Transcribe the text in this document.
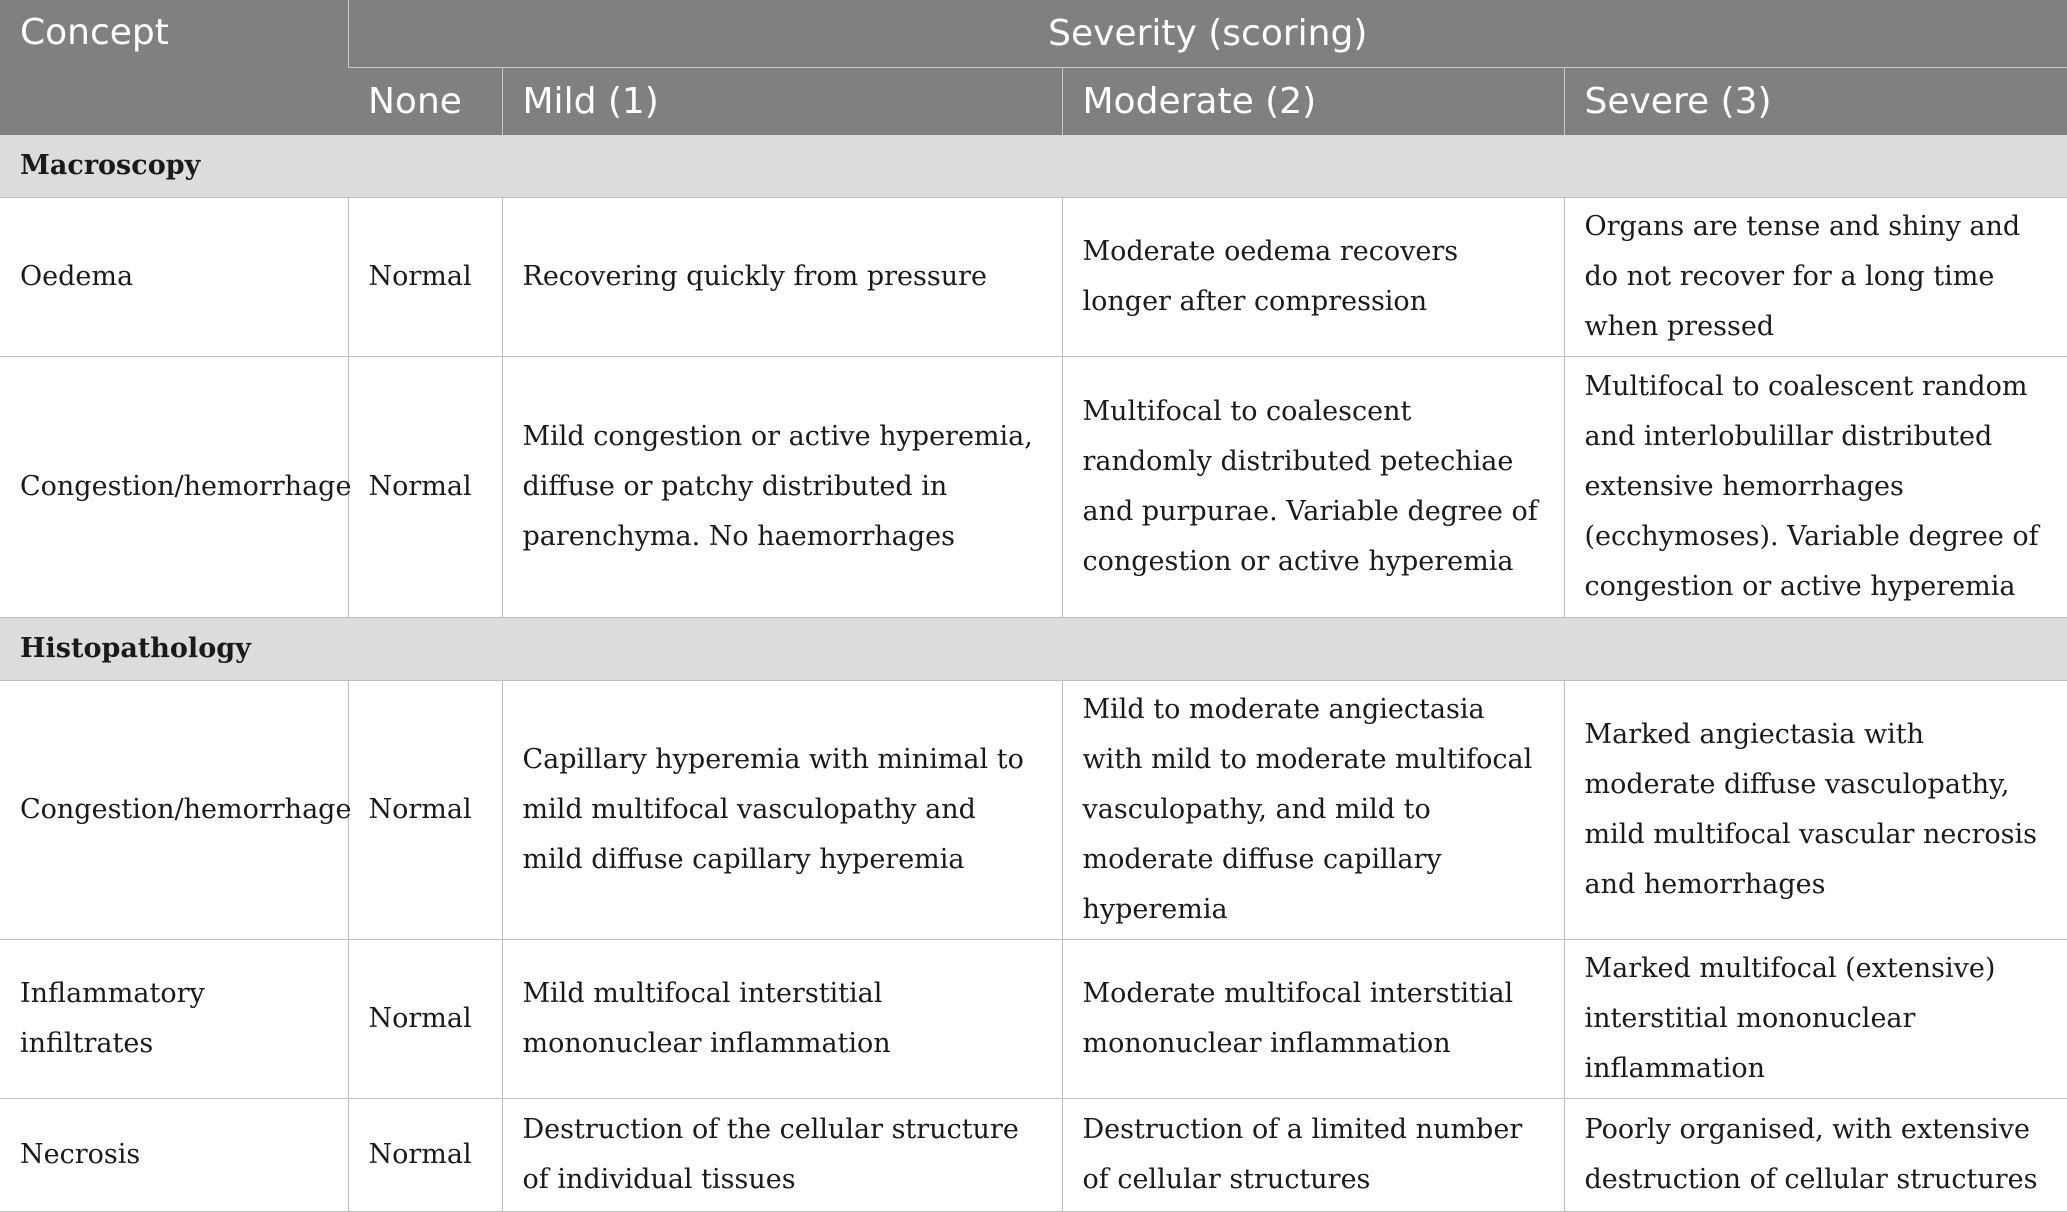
Concept	Severity (scoring)			
	None	Mild (1)	Moderate (2)	Severe (3)
Macroscopy				
Oedema	Normal	Recovering quickly from pressure	Moderate oedema recovers longer after compression	Organs are tense and shiny and do not recover for a long time when pressed
Congestion/hemorrhage	Normal	Mild congestion or active hyperemia, diffuse or patchy distributed in parenchyma. No haemorrhages	Multifocal to coalescent randomly distributed petechiae and purpurae. Variable degree of congestion or active hyperemia	Multifocal to coalescent random and interlobulillar distributed extensive hemorrhages (ecchymoses). Variable degree of congestion or active hyperemia
Histopathology				
Congestion/hemorrhage	Normal	Capillary hyperemia with minimal to mild multifocal vasculopathy and mild diffuse capillary hyperemia	Mild to moderate angiectasia with mild to moderate multifocal vasculopathy, and mild to moderate diffuse capillary hyperemia	Marked angiectasia with moderate diffuse vasculopathy, mild multifocal vascular necrosis and hemorrhages
Inflammatory infiltrates	Normal	Mild multifocal interstitial mononuclear inflammation	Moderate multifocal interstitial mononuclear inflammation	Marked multifocal (extensive) interstitial mononuclear inflammation
Necrosis	Normal	Destruction of the cellular structure of individual tissues	Destruction of a limited number of cellular structures	Poorly organised, with extensive destruction of cellular structures
